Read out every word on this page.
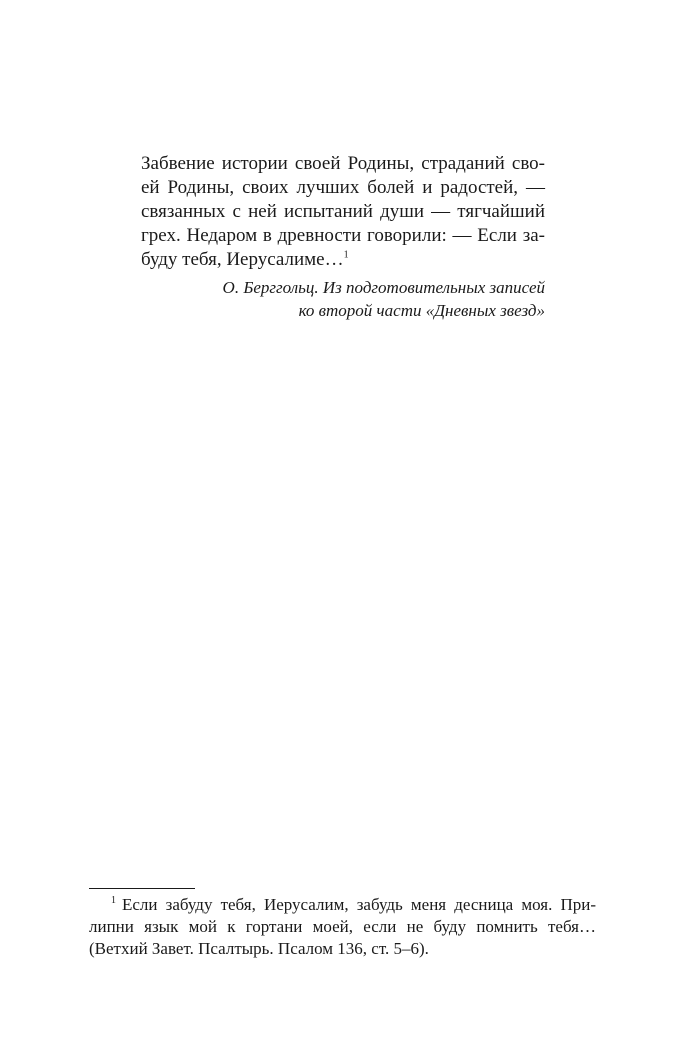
Забвение истории своей Родины, страданий сво-
ей Родины, своих лучших болей и радостей, —
связанных с ней испытаний души — тягчайший
грех. Недаром в древности говорили: — Если за-
буду тебя, Иерусалиме…$^1$
О. Берггольц. Из подготовительных записей
ко второй части «Дневных звезд»
$^1$ Если забуду тебя, Иерусалим, забудь меня десница моя. При-
липни язык мой к гортани моей, если не буду помнить тебя…
(Ветхий Завет. Псалтырь. Псалом 136, ст. 5–6).
